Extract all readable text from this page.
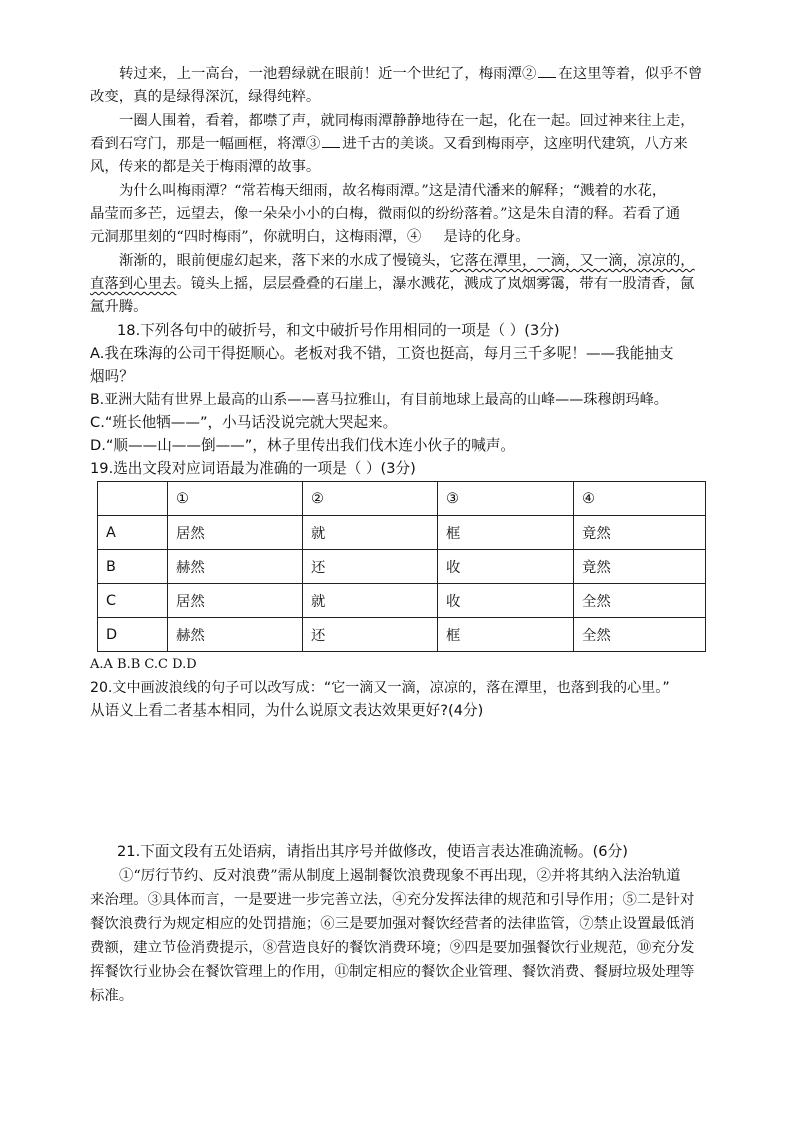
转过来，上一高台，一池碧绿就在眼前！近一个世纪了，梅雨潭② 在这里等着，似乎不曾
改变，真的是绿得深沉，绿得纯粹。
一圈人围着，看着，都噤了声，就同梅雨潭静静地待在一起，化在一起。回过神来往上走，
看到石穹门，那是一幅画框，将潭③ 进千古的美谈。又看到梅雨亭，这座明代建筑，八方来
风，传来的都是关于梅雨潭的故事。
为什么叫梅雨潭？“常若梅天细雨，故名梅雨潭。”这是清代潘来的解释；“溅着的水花，
晶莹而多芒，远望去，像一朵朵小小的白梅，微雨似的纷纷落着。”这是朱自清的释。若看了通
元洞那里刻的“四时梅雨”，你就明白，这梅雨潭，④ 是诗的化身。
渐渐的，眼前便虚幻起来，落下来的水成了慢镜头，它落在潭里，一滴，又一滴，凉凉的，
直落到心里去。镜头上摇，层层叠叠的石崖上，瀑水溅花，溅成了岚烟雾霭，带有一股清香，氤
氲升腾。
18.下列各句中的破折号，和文中破折号作用相同的一项是（ ）(3分)
A.我在珠海的公司干得挺顺心。老板对我不错，工资也挺高，每月三千多呢！——我能抽支
烟吗？
B.亚洲大陆有世界上最高的山系——喜马拉雅山，有目前地球上最高的山峰——珠穆朗玛峰。
C.“班长他牺——”，小马话没说完就大哭起来。
D.“顺——山——倒——”，林子里传出我们伐木连小伙子的喊声。
19.选出文段对应词语最为准确的一项是（ ）(3分)
	①	②	③	④
A	居然	就	框	竟然
B	赫然	还	收	竟然
C	居然	就	收	全然
D	赫然	还	框	全然
A.A B.B C.C D.D
20.文中画波浪线的句子可以改写成：“它一滴又一滴，凉凉的，落在潭里，也落到我的心里。”
从语义上看二者基本相同，为什么说原文表达效果更好?(4分)
21.下面文段有五处语病，请指出其序号并做修改，使语言表达准确流畅。(6分)
①“厉行节约、反对浪费”需从制度上遏制餐饮浪费现象不再出现，②并将其纳入法治轨道
来治理。③具体而言，一是要进一步完善立法，④充分发挥法律的规范和引导作用；⑤二是针对
餐饮浪费行为规定相应的处罚措施；⑥三是要加强对餐饮经营者的法律监管，⑦禁止设置最低消
费额，建立节俭消费提示，⑧营造良好的餐饮消费环境；⑨四是要加强餐饮行业规范，⑩充分发
挥餐饮行业协会在餐饮管理上的作用，⑪制定相应的餐饮企业管理、餐饮消费、餐厨垃圾处理等
标准。
